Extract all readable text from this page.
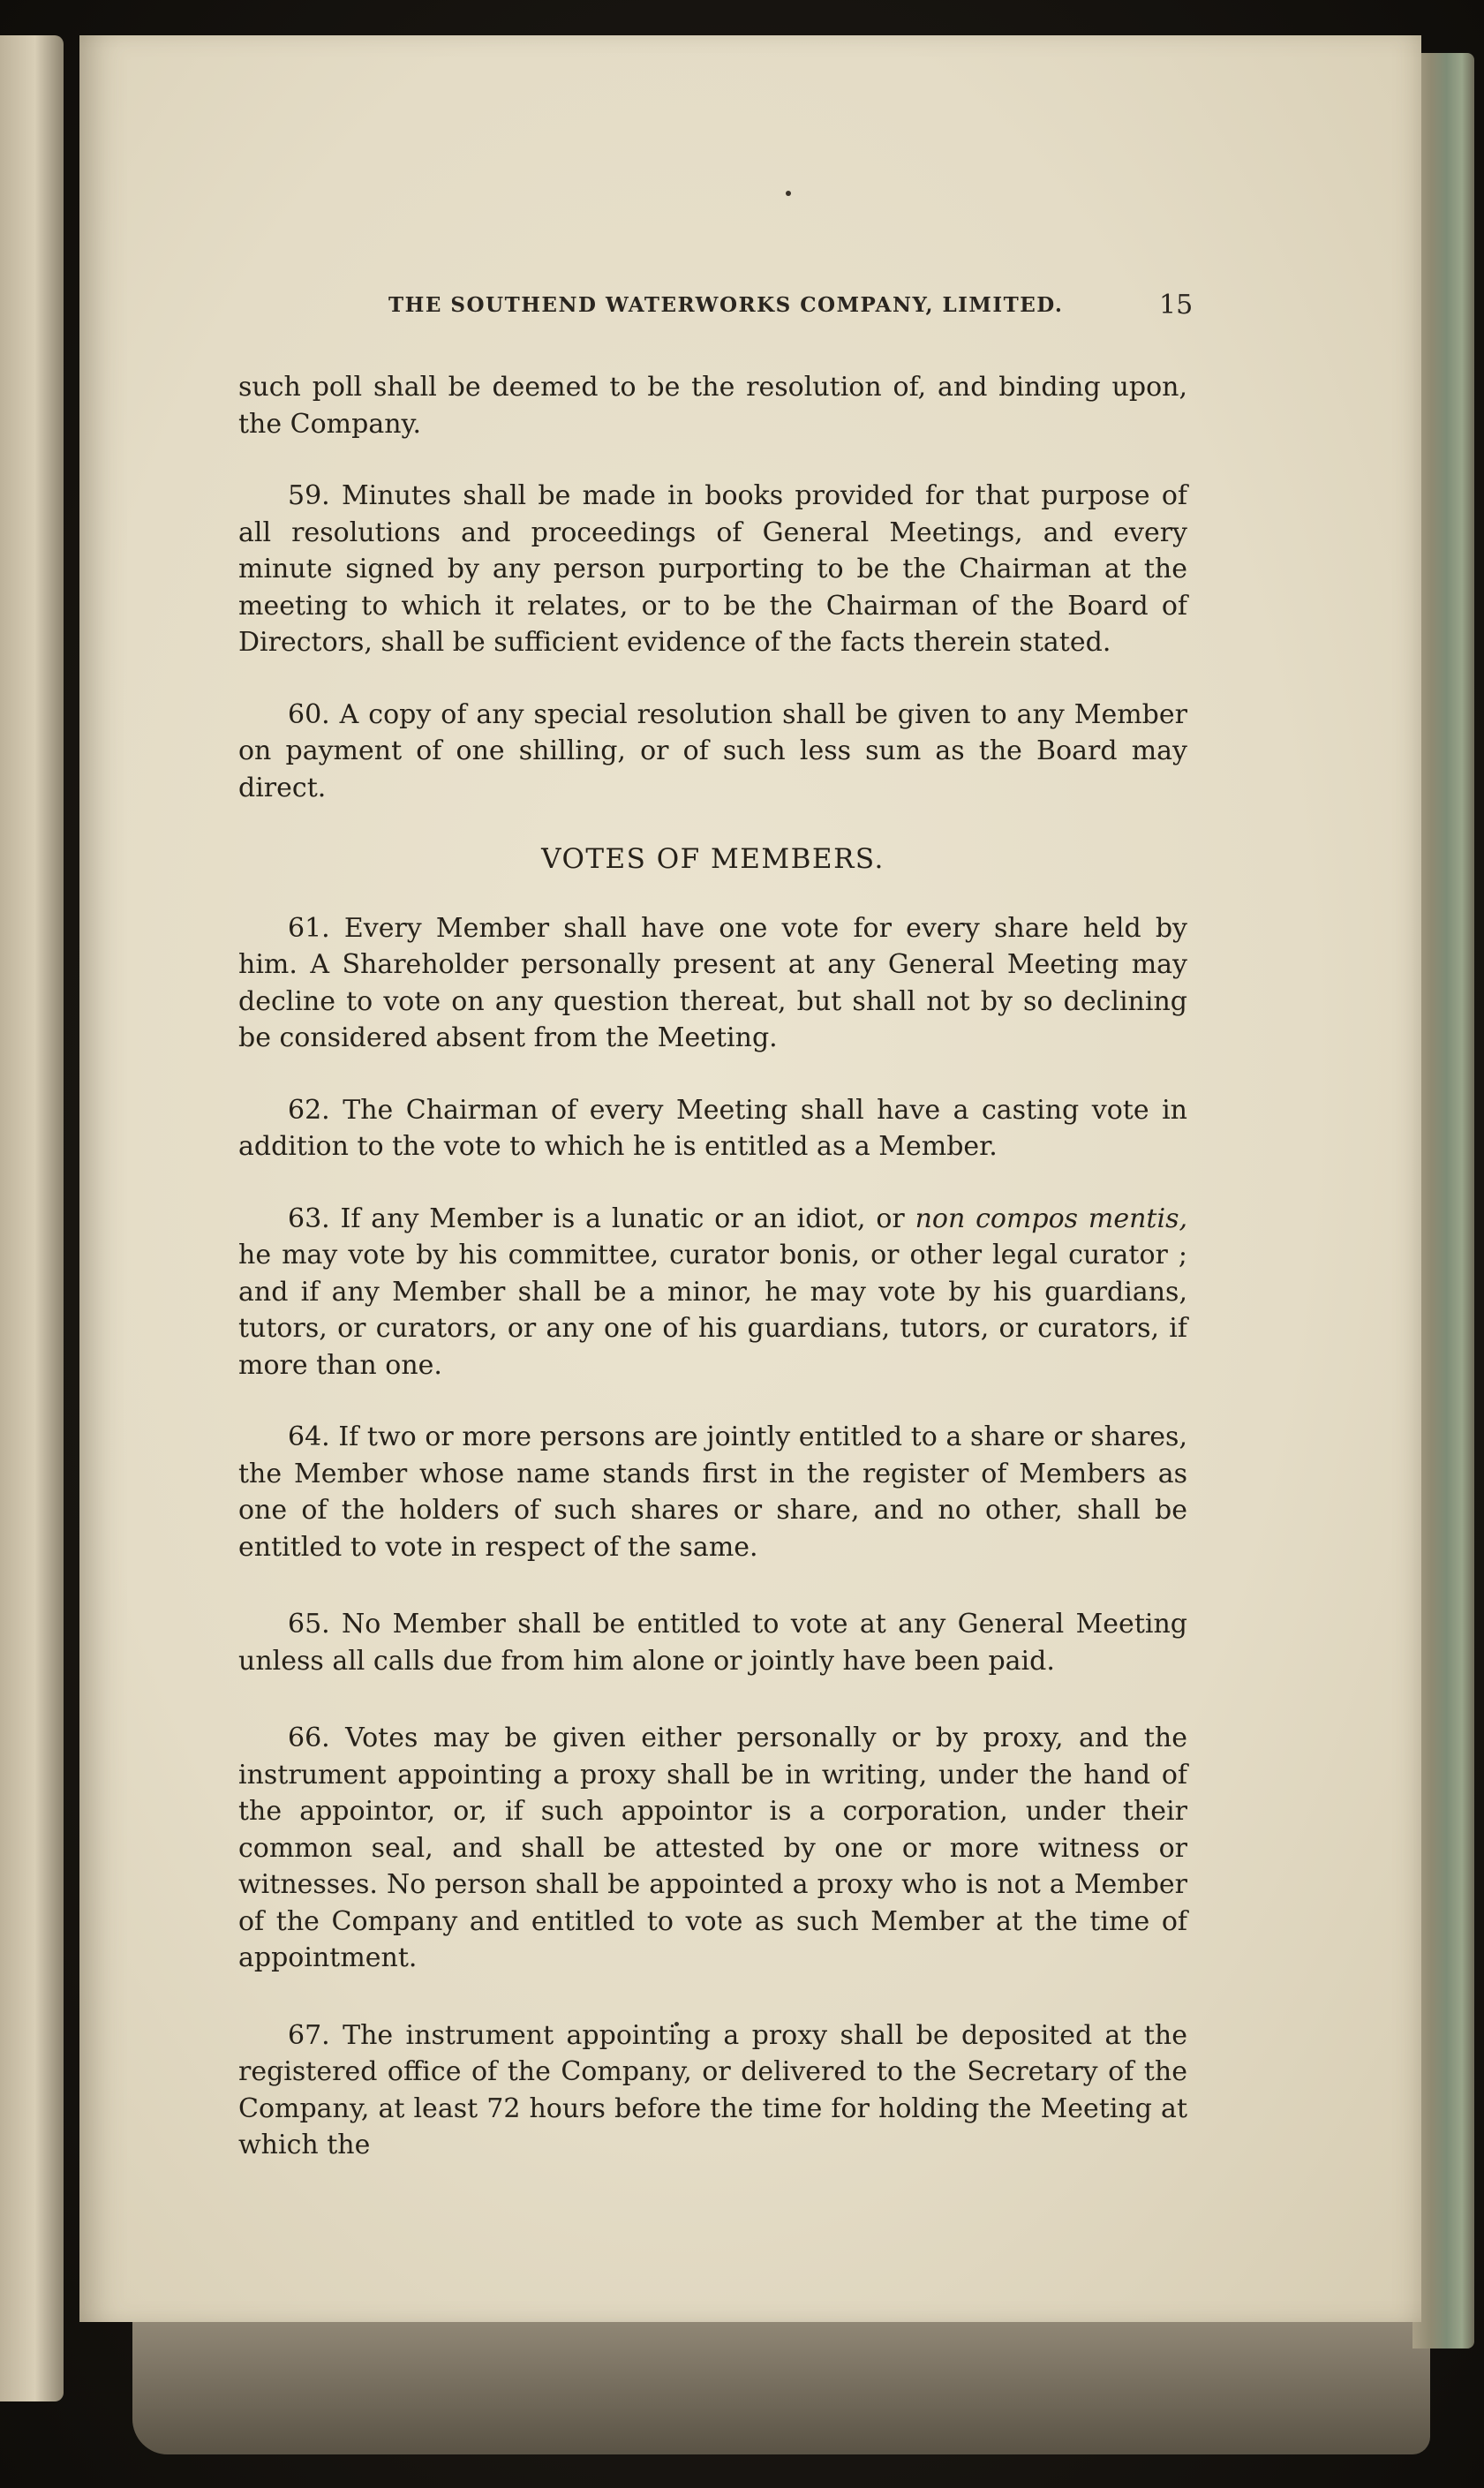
THE SOUTHEND WATERWORKS COMPANY, LIMITED.	15

such poll shall be deemed to be the resolution of, and binding upon, the Company.

59. Minutes shall be made in books provided for that purpose of all resolutions and proceedings of General Meetings, and every minute signed by any person purporting to be the Chairman at the meeting to which it relates, or to be the Chairman of the Board of Directors, shall be sufficient evidence of the facts therein stated.

60. A copy of any special resolution shall be given to any Member on payment of one shilling, or of such less sum as the Board may direct.

VOTES OF MEMBERS.

61. Every Member shall have one vote for every share held by him. A Shareholder personally present at any General Meeting may decline to vote on any question thereat, but shall not by so declining be considered absent from the Meeting.

62. The Chairman of every Meeting shall have a casting vote in addition to the vote to which he is entitled as a Member.

63. If any Member is a lunatic or an idiot, or non compos mentis, he may vote by his committee, curator bonis, or other legal curator ; and if any Member shall be a minor, he may vote by his guardians, tutors, or curators, or any one of his guardians, tutors, or curators, if more than one.

64. If two or more persons are jointly entitled to a share or shares, the Member whose name stands first in the register of Members as one of the holders of such shares or share, and no other, shall be entitled to vote in respect of the same.

65. No Member shall be entitled to vote at any General Meeting unless all calls due from him alone or jointly have been paid.

66. Votes may be given either personally or by proxy, and the instrument appointing a proxy shall be in writing, under the hand of the appointor, or, if such appointor is a corporation, under their common seal, and shall be attested by one or more witness or witnesses. No person shall be appointed a proxy who is not a Member of the Company and entitled to vote as such Member at the time of appointment.

67. The instrument appointing a proxy shall be deposited at the registered office of the Company, or delivered to the Secretary of the Company, at least 72 hours before the time for holding the Meeting at which the
